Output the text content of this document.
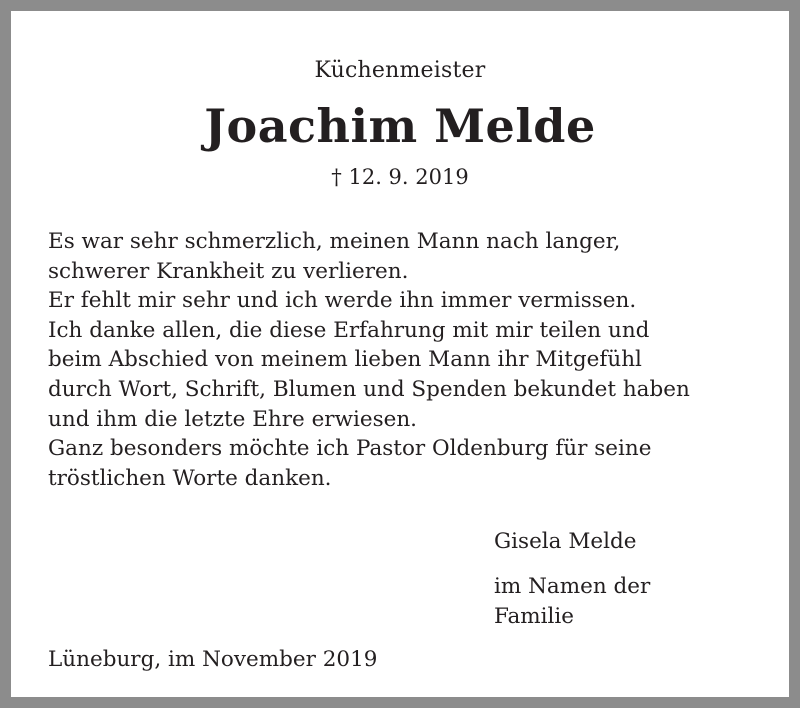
Küchenmeister
Joachim Melde
† 12. 9. 2019
Es war sehr schmerzlich, meinen Mann nach langer,
schwerer Krankheit zu verlieren.
Er fehlt mir sehr und ich werde ihn immer vermissen.
Ich danke allen, die diese Erfahrung mit mir teilen und
beim Abschied von meinem lieben Mann ihr Mitgefühl
durch Wort, Schrift, Blumen und Spenden bekundet haben
und ihm die letzte Ehre erwiesen.
Ganz besonders möchte ich Pastor Oldenburg für seine
tröstlichen Worte danken.
Gisela Melde
im Namen der
Familie
Lüneburg, im November 2019
